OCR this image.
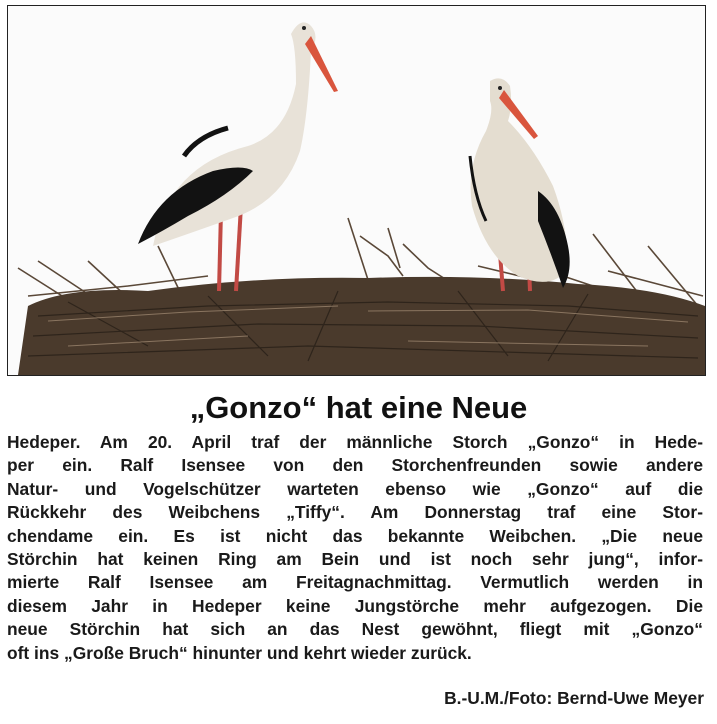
„Gonzo“ hat eine Neue
Hedeper. Am 20. April traf der männliche Storch „Gonzo“ in Hede-
per ein. Ralf Isensee von den Storchenfreunden sowie andere
Natur- und Vogelschützer warteten ebenso wie „Gonzo“ auf die
Rückkehr des Weibchens „Tiffy“. Am Donnerstag traf eine Stor-
chendame ein. Es ist nicht das bekannte Weibchen. „Die neue
Störchin hat keinen Ring am Bein und ist noch sehr jung“, infor-
mierte Ralf Isensee am Freitagnachmittag. Vermutlich werden in
diesem Jahr in Hedeper keine Jungstörche mehr aufgezogen. Die
neue Störchin hat sich an das Nest gewöhnt, fliegt mit „Gonzo“
oft ins „Große Bruch“ hinunter und kehrt wieder zurück.
B.-U.M./Foto: Bernd-Uwe Meyer
